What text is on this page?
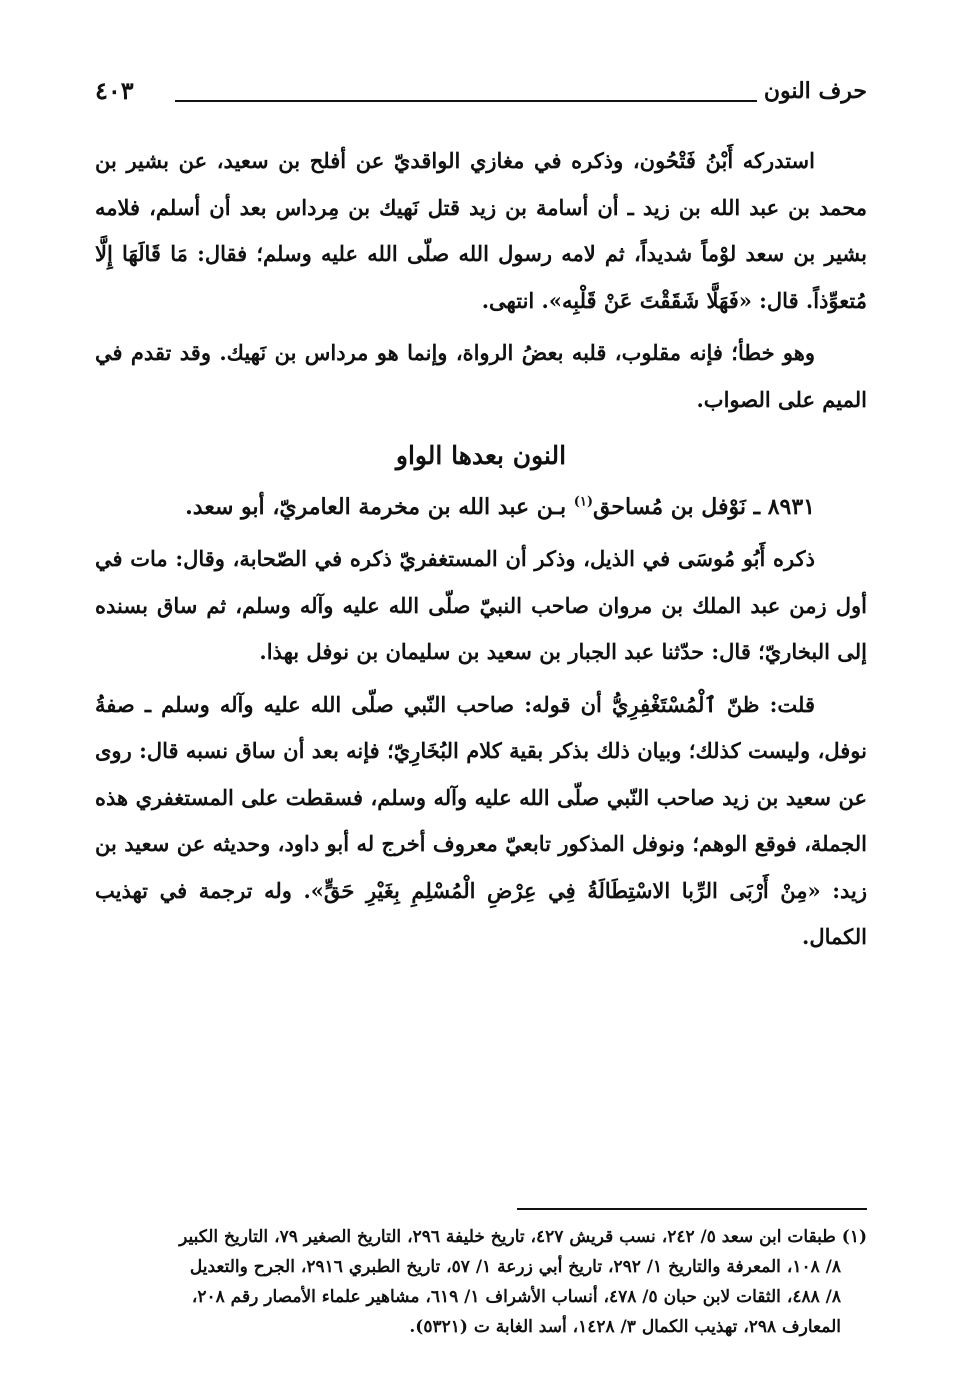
حرف النون
٤٠٣

استدركه أَبْنُ فَتْحُون، وذكره في مغازي الواقديّ عن أفلح بن سعيد، عن بشير بن محمد بن عبد الله بن زيد ـ أن أسامة بن زيد قتل نَهيك بن مِرداس بعد أن أسلم، فلامه بشير بن سعد لوْماً شديداً، ثم لامه رسول الله صلّى الله عليه وسلم؛ فقال: مَا قَالَهَا إِلَّا مُتعوِّذاً. قال: «فَهَلَّا شَقَقْتَ عَنْ قَلْبِه». انتهى.

وهو خطأ؛ فإنه مقلوب، قلبه بعضُ الرواة، وإنما هو مرداس بن نَهيك. وقد تقدم في الميم على الصواب.

النون بعدها الواو

٨٩٣١ ـ نَوْفل بن مُساحق$^{(١)}$ بـن عبد الله بن مخرمة العامريّ، أبو سعد.

ذكره أَبُو مُوسَى في الذيل، وذكر أن المستغفريّ ذكره في الصّحابة، وقال: مات في أول زمن عبد الملك بن مروان صاحب النبيّ صلّى الله عليه وآله وسلم، ثم ساق بسنده إلى البخاريّ؛ قال: حدّثنا عبد الجبار بن سعيد بن سليمان بن نوفل بهذا.

قلت: ظنّ ٱلْمُسْتَغْفِرِيُّ أن قوله: صاحب النّبي صلّى الله عليه وآله وسلم ـ صفةُ نوفل، وليست كذلك؛ وبيان ذلك بذكر بقية كلام البُخَارِيّ؛ فإنه بعد أن ساق نسبه قال: روى عن سعيد بن زيد صاحب النّبي صلّى الله عليه وآله وسلم، فسقطت على المستغفري هذه الجملة، فوقع الوهم؛ ونوفل المذكور تابعيّ معروف أخرج له أبو داود، وحديثه عن سعيد بن زيد: «مِنْ أَرْبَى الرِّبا الاسْتِطَالَةُ فِي عِرْضِ الْمُسْلِمِ بِغَيْرِ حَقٍّ». وله ترجمة في تهذيب الكمال.

(١) طبقات ابن سعد ٥/ ٢٤٢، نسب قريش ٤٢٧، تاريخ خليفة ٢٩٦، التاريخ الصغير ٧٩، التاريخ الكبير

٨/ ١٠٨، المعرفة والتاريخ ١/ ٢٩٢، تاريخ أبي زرعة ١/ ٥٧، تاريخ الطبري ٢٩١٦، الجرح والتعديل

٨/ ٤٨٨، الثقات لابن حبان ٥/ ٤٧٨، أنساب الأشراف ١/ ٦١٩، مشاهير علماء الأمصار رقم ٢٠٨،

المعارف ٢٩٨، تهذيب الكمال ٣/ ١٤٢٨، أسد الغابة ت (٥٣٢١).
